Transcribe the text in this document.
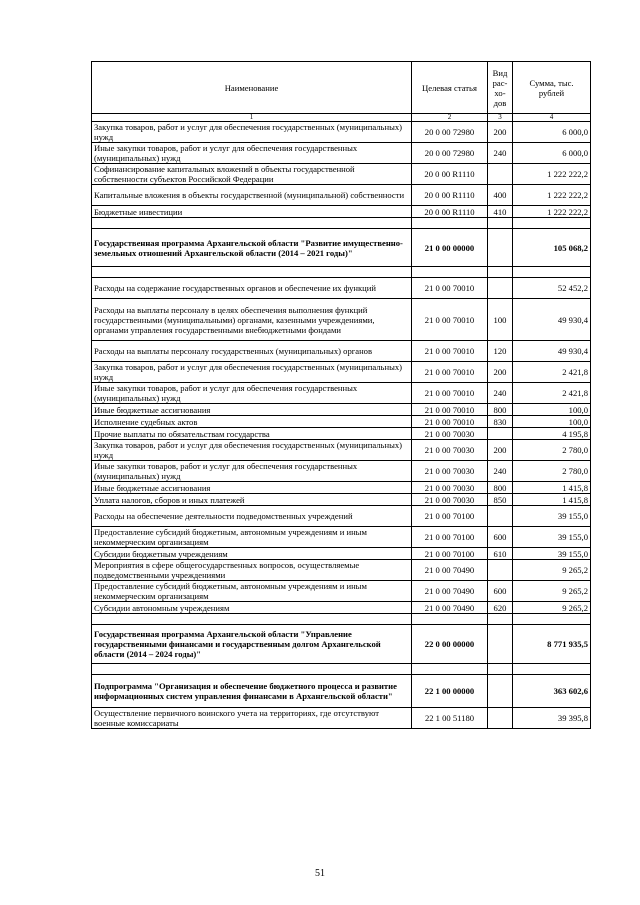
Наименование	Целевая статья	Вид рас-хо-дов	Сумма, тыс. рублей
1	2	3	4
Закупка товаров, работ и услуг для обеспечения государственных (муниципальных) нужд	20 0 00 72980	200	6 000,0
Иные закупки товаров, работ и услуг для обеспечения государственных (муниципальных) нужд	20 0 00 72980	240	6 000,0
Софинансирование капитальных вложений в объекты государственной собственности субъектов Российской Федерации	20 0 00 R1110		1 222 222,2
Капитальные вложения в объекты государственной (муниципальной) собственности	20 0 00 R1110	400	1 222 222,2
Бюджетные инвестиции	20 0 00 R1110	410	1 222 222,2

Государственная программа Архангельской области "Развитие имущественно-земельных отношений Архангельской области (2014 – 2021 годы)"	21 0 00 00000		105 068,2

Расходы на содержание государственных органов и обеспечение их функций	21 0 00 70010		52 452,2
Расходы на выплаты персоналу в целях обеспечения выполнения функций государственными (муниципальными) органами, казенными учреждениями, органами управления государственными внебюджетными фондами	21 0 00 70010	100	49 930,4
Расходы на выплаты персоналу государственных (муниципальных) органов	21 0 00 70010	120	49 930,4
Закупка товаров, работ и услуг для обеспечения государственных (муниципальных) нужд	21 0 00 70010	200	2 421,8
Иные закупки товаров, работ и услуг для обеспечения государственных (муниципальных) нужд	21 0 00 70010	240	2 421,8
Иные бюджетные ассигнования	21 0 00 70010	800	100,0
Исполнение судебных актов	21 0 00 70010	830	100,0
Прочие выплаты по обязательствам государства	21 0 00 70030		4 195,8
Закупка товаров, работ и услуг для обеспечения государственных (муниципальных) нужд	21 0 00 70030	200	2 780,0
Иные закупки товаров, работ и услуг для обеспечения государственных (муниципальных) нужд	21 0 00 70030	240	2 780,0
Иные бюджетные ассигнования	21 0 00 70030	800	1 415,8
Уплата налогов, сборов и иных платежей	21 0 00 70030	850	1 415,8
Расходы на обеспечение деятельности подведомственных учреждений	21 0 00 70100		39 155,0
Предоставление субсидий бюджетным, автономным учреждениям и иным некоммерческим организациям	21 0 00 70100	600	39 155,0
Субсидии бюджетным учреждениям	21 0 00 70100	610	39 155,0
Мероприятия в сфере общегосударственных вопросов, осуществляемые подведомственными учреждениями	21 0 00 70490		9 265,2
Предоставление субсидий бюджетным, автономным учреждениям и иным некоммерческим организациям	21 0 00 70490	600	9 265,2
Субсидии автономным учреждениям	21 0 00 70490	620	9 265,2

Государственная программа Архангельской области "Управление государственными финансами и государственным долгом Архангельской области (2014 – 2024 годы)"	22 0 00 00000		8 771 935,5

Подпрограмма "Организация и обеспечение бюджетного процесса и развитие информационных систем управления финансами в Архангельской области"	22 1 00 00000		363 602,6
Осуществление первичного воинского учета на территориях, где отсутствуют военные комиссариаты	22 1 00 51180		39 395,8
51
